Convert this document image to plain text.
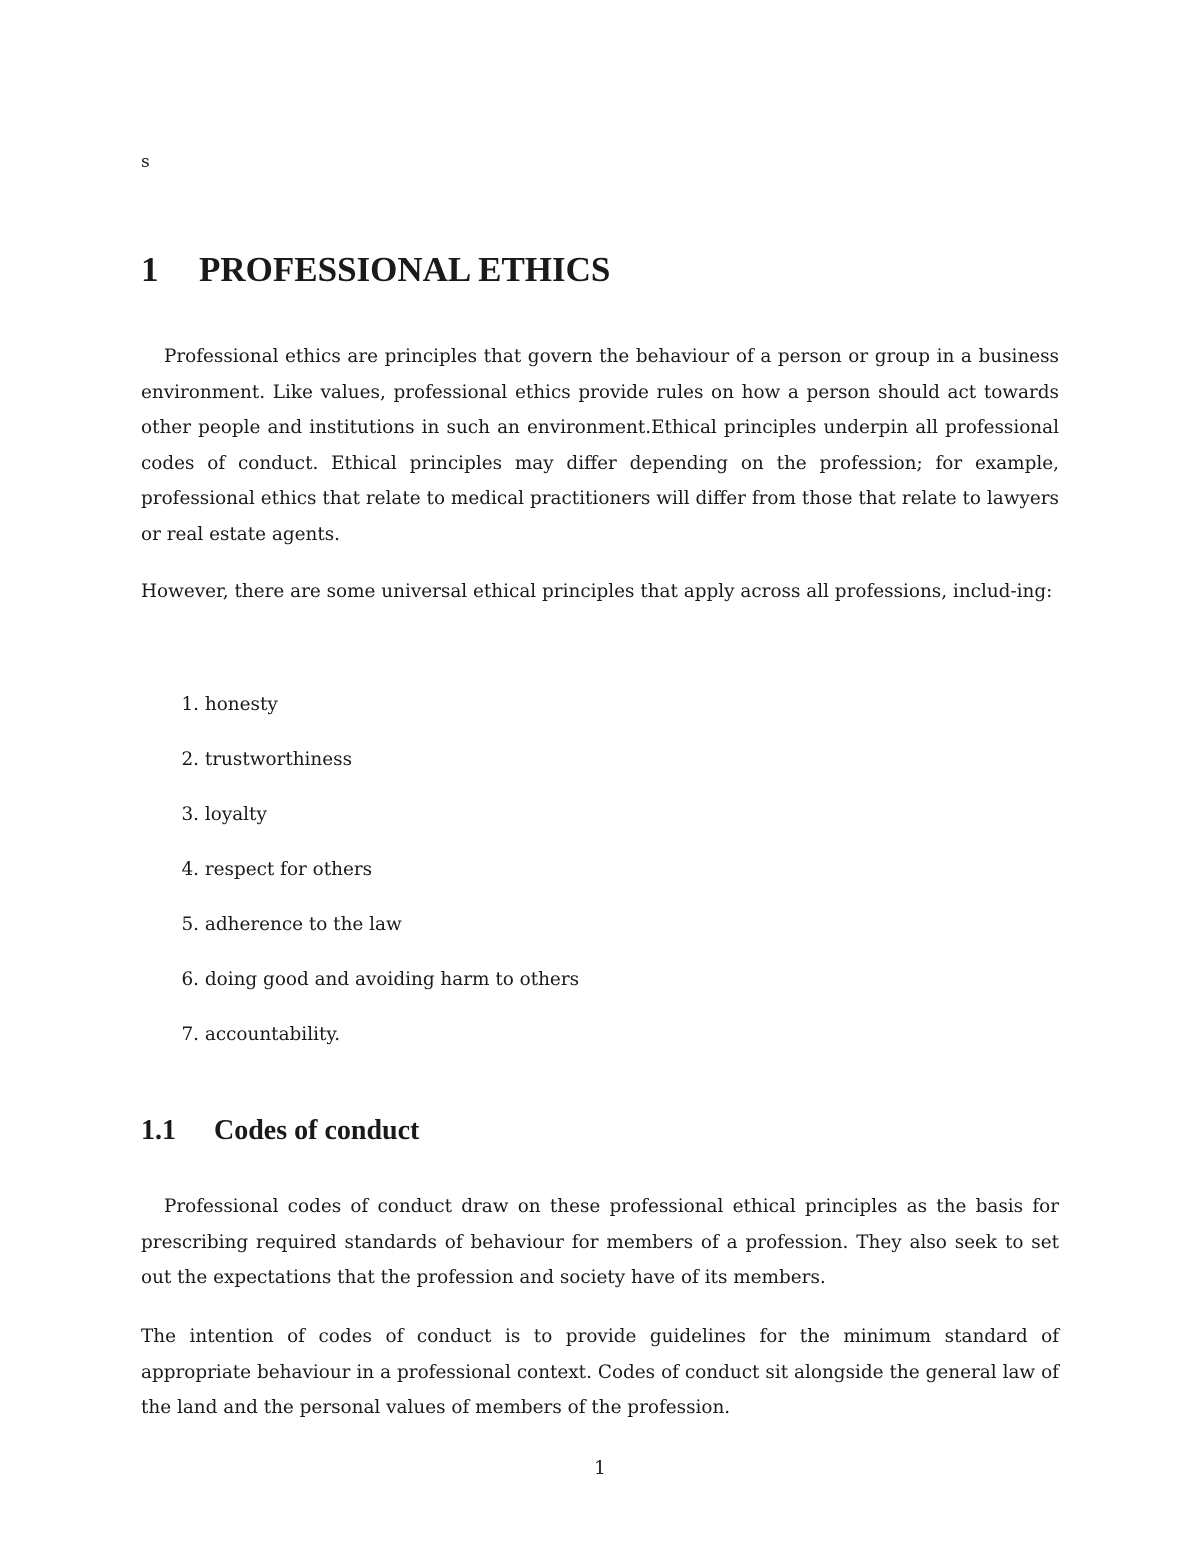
s
1 PROFESSIONAL ETHICS

Professional ethics are principles that govern the behaviour of a person or group in a business environment. Like values, professional ethics provide rules on how a person should act towards other people and institutions in such an environment.Ethical principles underpin all professional codes of conduct. Ethical principles may differ depending on the profession; for example, professional ethics that relate to medical practitioners will differ from those that relate to lawyers or real estate agents.

However, there are some universal ethical principles that apply across all professions, includ-ing:

1. honesty
2. trustworthiness
3. loyalty
4. respect for others
5. adherence to the law
6. doing good and avoiding harm to others
7. accountability.
1.1 Codes of conduct

Professional codes of conduct draw on these professional ethical principles as the basis for prescribing required standards of behaviour for members of a profession. They also seek to set out the expectations that the profession and society have of its members.

The intention of codes of conduct is to provide guidelines for the minimum standard of appropriate behaviour in a professional context. Codes of conduct sit alongside the general law of the land and the personal values of members of the profession.

1
